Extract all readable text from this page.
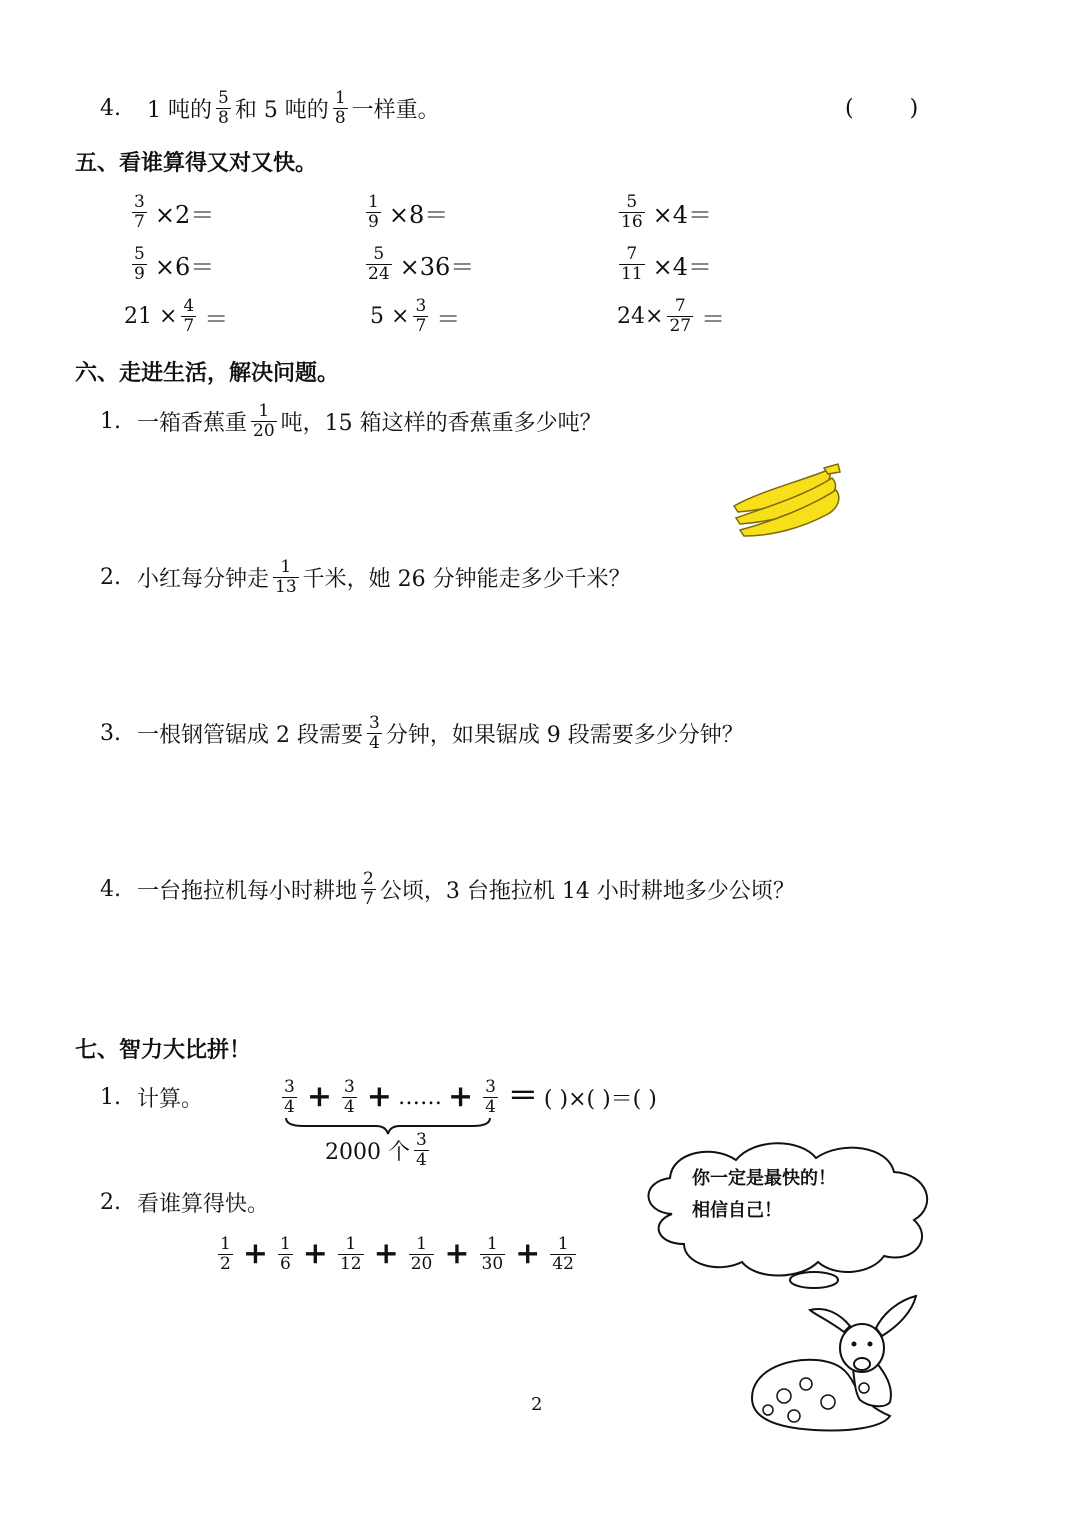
4. 1 吨的 $\frac{5}{8}$ 和 5 吨的 $\frac{1}{8}$ 一样重。	(	)
五、看谁算得又对又快。
$\frac{3}{7} \times 2=$	$\frac{1}{9} \times 8=$	$\frac{5}{16} \times 4=$
$\frac{5}{9} \times 6=$	$\frac{5}{24} \times 36=$	$\frac{7}{11} \times 4=$
$21 \times \frac{4}{7}$ ＝	$5 \times \frac{3}{7}$ ＝	$24\times \frac{7}{27}$ ＝
六、走进生活，解决问题。
1. 一箱香蕉重 $\frac{1}{20}$ 吨，15 箱这样的香蕉重多少吨？
2. 小红每分钟走 $\frac{1}{13}$ 千米，她 26 分钟能走多少千米？
3. 一根钢管锯成 2 段需要 $\frac{3}{4}$ 分钟，如果锯成 9 段需要多少分钟？
4. 一台拖拉机每小时耕地 $\frac{2}{7}$ 公顷，3 台拖拉机 14 小时耕地多少公顷？
七、智力大比拼！
1. 计算。	$\frac{3}{4} + \frac{3}{4}$ + …… + $\frac{3}{4}$ ＝ ( )×( )＝( )
2000 个 $\frac{3}{4}$
2. 看谁算得快。
$\frac{1}{2} + \frac{1}{6} + \frac{1}{12} + \frac{1}{20} + \frac{1}{30} + \frac{1}{42}$
你一定是最快的！
相信自己！
2
